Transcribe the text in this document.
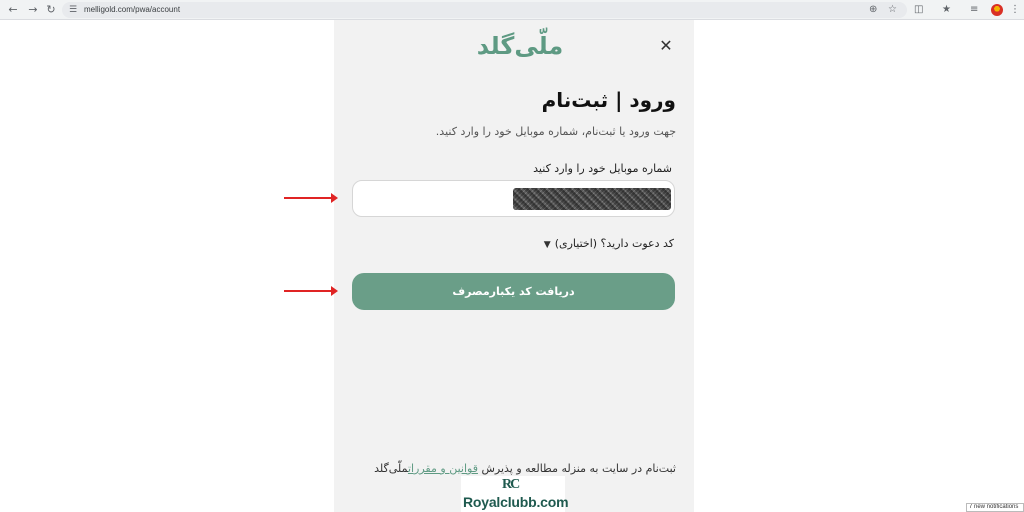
← → ↻ ☰ melligold.com/pwa/account	⊕ ☆ ◫ ★ ≡	⋮
ملّی‌گلد	✕
ورود | ثبت‌نام
جهت ورود یا ثبت‌نام، شماره موبایل خود را وارد کنید.
شماره موبایل خود را وارد کنید
کد دعوت دارید؟ (اختیاری)▼
دریافت کد یکبارمصرف
ثبت‌نام در سایت به منزله مطالعه و پذیرش قوانین و مقرراتملّی‌گلد
RC
Royalclubb.com	7 new notifications
